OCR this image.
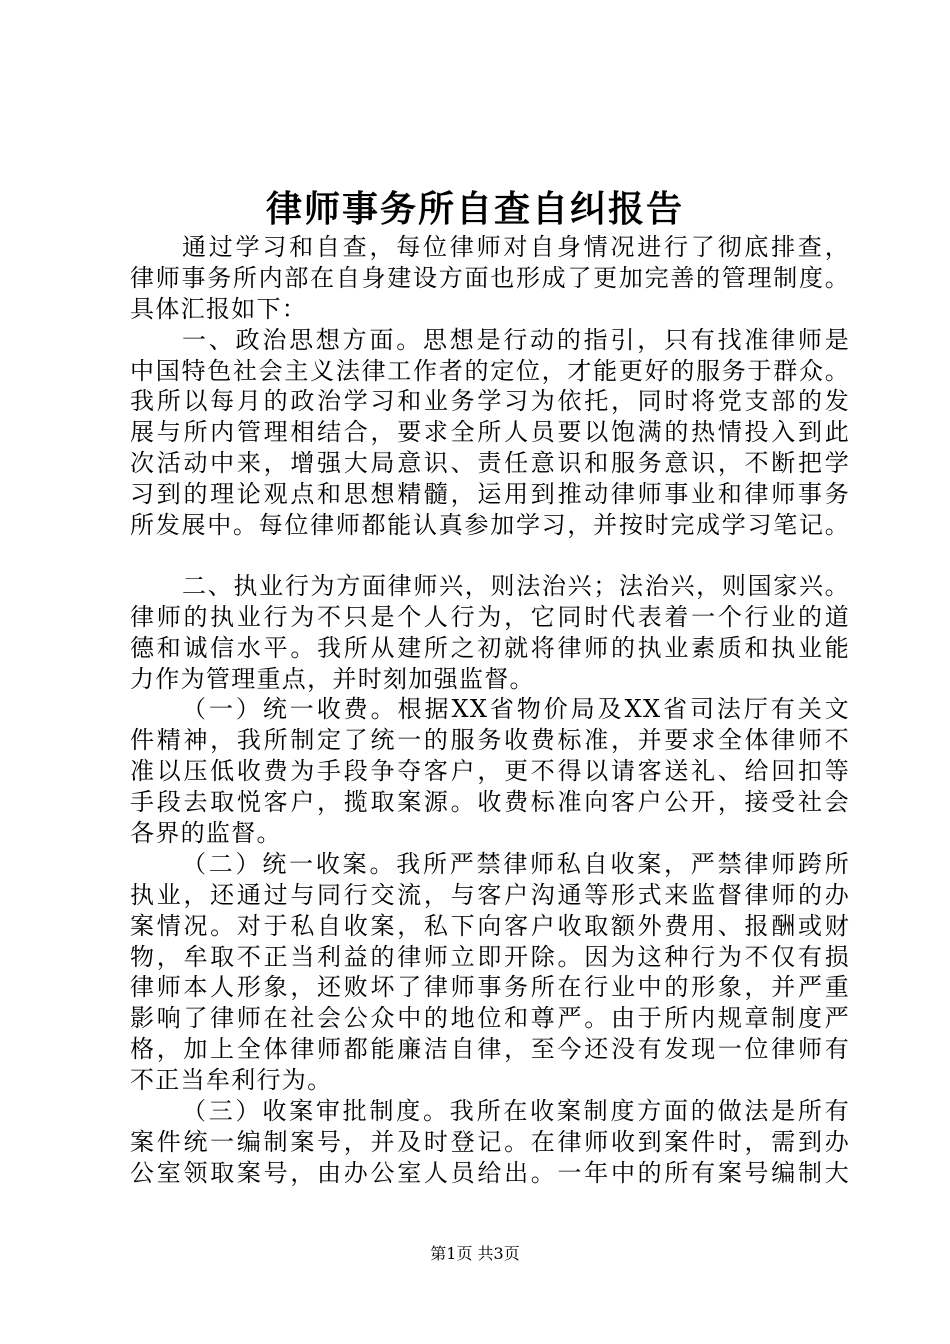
律师事务所自查自纠报告
通过学习和自查，每位律师对自身情况进行了彻底排查，
律师事务所内部在自身建设方面也形成了更加完善的管理制度。
具体汇报如下：
一、政治思想方面。思想是行动的指引，只有找准律师是
中国特色社会主义法律工作者的定位，才能更好的服务于群众。
我所以每月的政治学习和业务学习为依托，同时将党支部的发
展与所内管理相结合，要求全所人员要以饱满的热情投入到此
次活动中来，增强大局意识、责任意识和服务意识，不断把学
习到的理论观点和思想精髓，运用到推动律师事业和律师事务
所发展中。每位律师都能认真参加学习，并按时完成学习笔记。
二、执业行为方面律师兴，则法治兴；法治兴，则国家兴。
律师的执业行为不只是个人行为，它同时代表着一个行业的道
德和诚信水平。我所从建所之初就将律师的执业素质和执业能
力作为管理重点，并时刻加强监督。
（一）统一收费。根据XX省物价局及XX省司法厅有关文
件精神，我所制定了统一的服务收费标准，并要求全体律师不
准以压低收费为手段争夺客户，更不得以请客送礼、给回扣等
手段去取悦客户，揽取案源。收费标准向客户公开，接受社会
各界的监督。
（二）统一收案。我所严禁律师私自收案，严禁律师跨所
执业，还通过与同行交流，与客户沟通等形式来监督律师的办
案情况。对于私自收案，私下向客户收取额外费用、报酬或财
物，牟取不正当利益的律师立即开除。因为这种行为不仅有损
律师本人形象，还败坏了律师事务所在行业中的形象，并严重
影响了律师在社会公众中的地位和尊严。由于所内规章制度严
格，加上全体律师都能廉洁自律，至今还没有发现一位律师有
不正当牟利行为。
（三）收案审批制度。我所在收案制度方面的做法是所有
案件统一编制案号，并及时登记。在律师收到案件时，需到办
公室领取案号，由办公室人员给出。一年中的所有案号编制大
第1页 共3页
